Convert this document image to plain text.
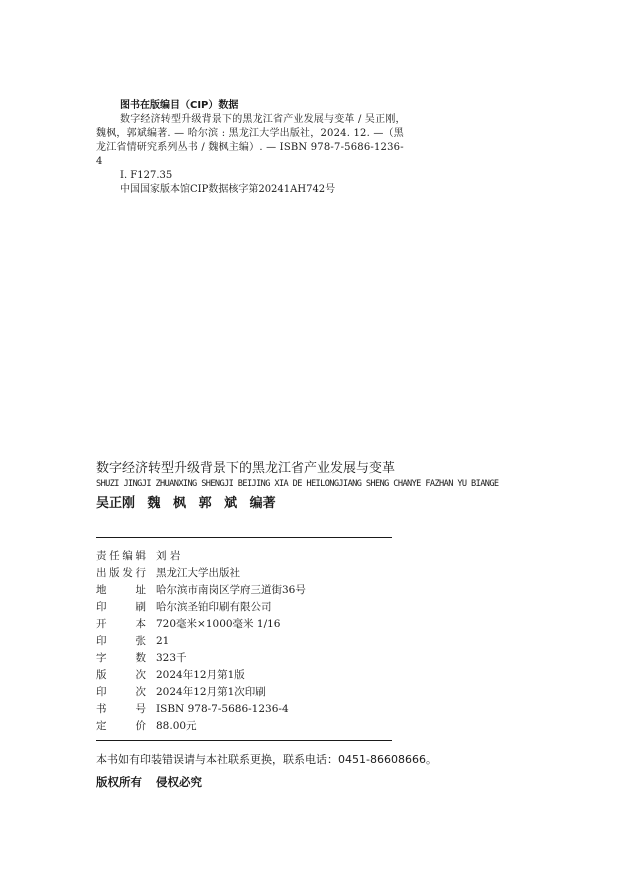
图书在版编目（CIP）数据
数字经济转型升级背景下的黑龙江省产业发展与变革 / 吴正刚，魏枫，郭斌编著. — 哈尔滨 : 黑龙江大学出版社，2024. 12. —（黑龙江省情研究系列丛书 / 魏枫主编）. — ISBN 978-7-5686-1236-4
Ⅰ. F127.35
中国国家版本馆CIP数据核字第20241AH742号
数字经济转型升级背景下的黑龙江省产业发展与变革
SHUZI JINGJI ZHUANXING SHENGJI BEIJING XIA DE HEILONGJIANG SHENG CHANYE FAZHAN YU BIANGE
吴正刚 魏 枫 郭 斌 编著
责任编辑 刘 岩
出版发行 黑龙江大学出版社
地址 哈尔滨市南岗区学府三道街36号
印刷 哈尔滨圣铂印刷有限公司
开本 720毫米×1000毫米 1/16
印张 21
字数 323千
版次 2024年12月第1版
印次 2024年12月第1次印刷
书号 ISBN 978-7-5686-1236-4
定价 88.00元
本书如有印装错误请与本社联系更换，联系电话：0451-86608666。
版权所有 侵权必究
